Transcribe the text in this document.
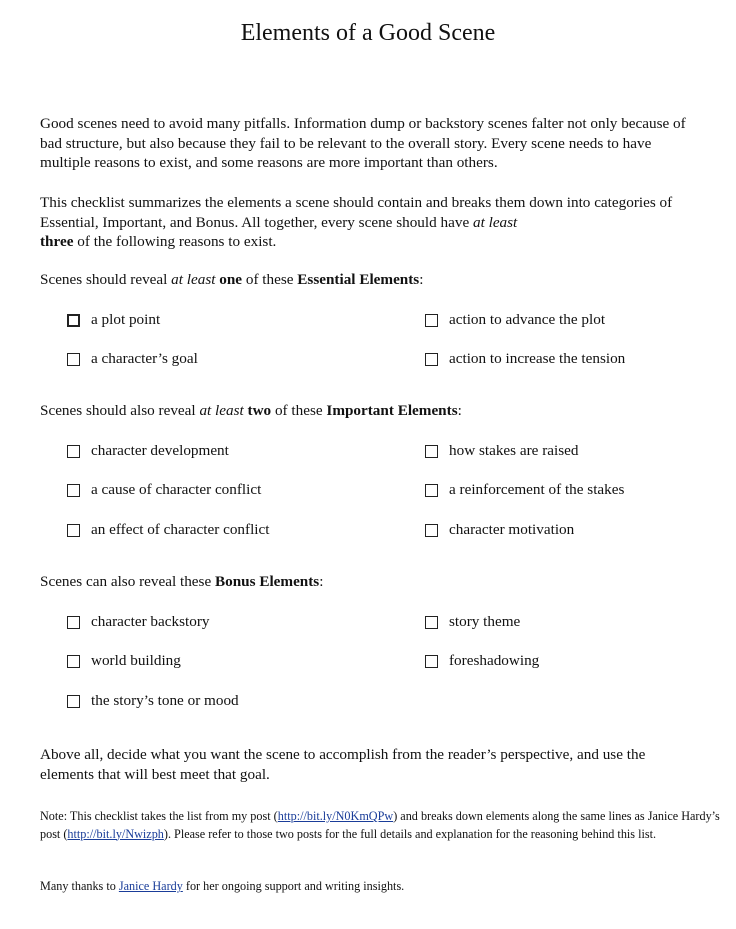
Elements of a Good Scene

Good scenes need to avoid many pitfalls. Information dump or backstory scenes falter not only because of bad structure, but also because they fail to be relevant to the overall story. Every scene needs to have multiple reasons to exist, and some reasons are more important than others.

This checklist summarizes the elements a scene should contain and breaks them down into categories of Essential, Important, and Bonus. All together, every scene should have at least
three of the following reasons to exist.

Scenes should reveal at least one of these Essential Elements:
a plot point	action to advance the plot
a character’s goal	action to increase the tension
Scenes should also reveal at least two of these Important Elements:
character development	how stakes are raised
a cause of character conflict	a reinforcement of the stakes
an effect of character conflict	character motivation
Scenes can also reveal these Bonus Elements:
character backstory	story theme
world building	foreshadowing
the story’s tone or mood

Above all, decide what you want the scene to accomplish from the reader’s perspective, and use the elements that will best meet that goal.

Note: This checklist takes the list from my post (http://bit.ly/N0KmQPw) and breaks down elements along the same lines as Janice Hardy’s post (http://bit.ly/Nwizph). Please refer to those two posts for the full details and explanation for the reasoning behind this list.

Many thanks to Janice Hardy for her ongoing support and writing insights.
